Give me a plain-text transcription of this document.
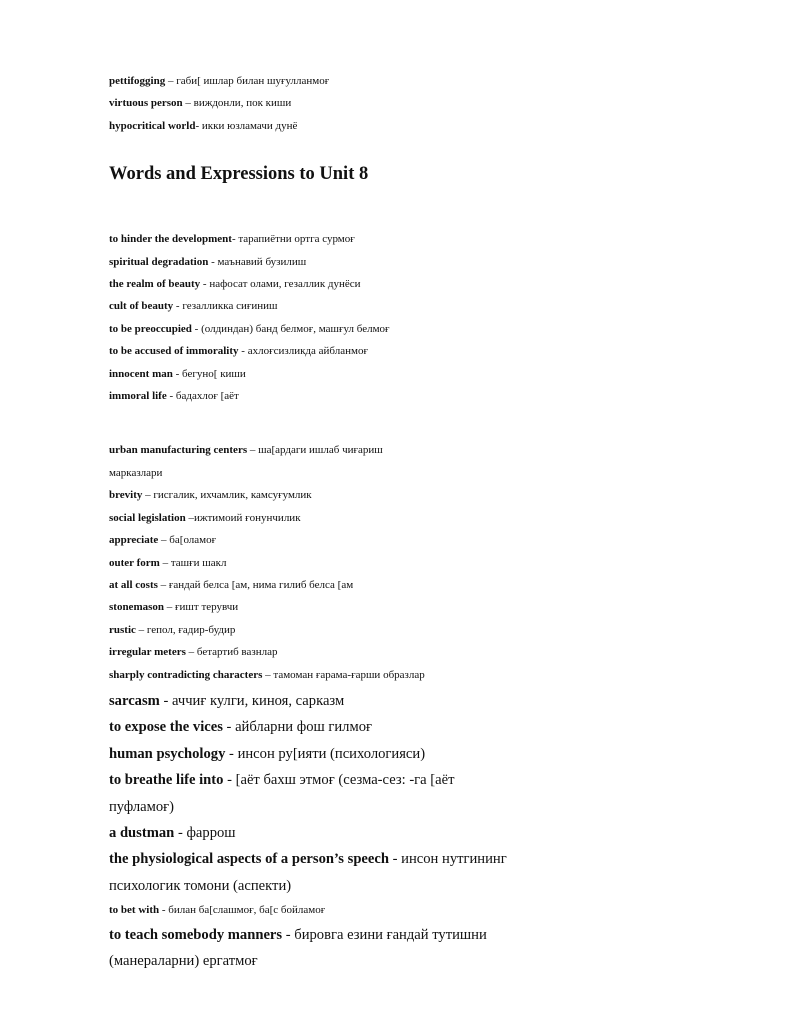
pettifogging – габи[ ишлар билан шуғулланмоғ
virtuous person – виждонли, пок киши
hypocritical world- икки юзламачи дунё
Words and Expressions to Unit 8
to hinder the development- тарапиётни ортга сурмоғ
spiritual degradation - маънавий бузилиш
the realm of beauty - нафосат олами, гезаллик дунёси
cult of beauty - гезалликка сиғиниш
to be preoccupied - (олдиндан) банд белмоғ, машғул белмоғ
to be accused of immorality - ахлоғсизликда айбланмоғ
innocent man - бегуно[ киши
immoral life - бадахлоғ [аёт
urban manufacturing centers – ша[ардаги ишлаб чиғариш
марказлари
brevity – гисгалик, ихчамлик, камсуғумлик
social legislation –ижтимоий ғонунчилик
appreciate – ба[оламоғ
outer form – ташғи шакл
at all costs – ғандай белса [ам, нима гилиб белса [ам
stonemason – ғишт терувчи
rustic – гепол, ғадир-будир
irregular meters – бетартиб вазнлар
sharply contradicting characters – тамоман ғарама-ғарши образлар
sarcasm - аччиғ кулги, киноя, сарказм
to expose the vices - айбларни фош гилмоғ
human psychology - инсон ру[ияти (психологияси)
to breathe life into - [аёт бахш этмоғ (сезма-сез: -га [аёт
пуфламоғ)
a dustman - фаррош
the physiological aspects of a person’s speech - инсон нутгининг
психологик томони (аспекти)
to bet with - билан ба[слашмоғ, ба[с бойламоғ
to teach somebody manners - бировга езини ғандай тутишни
(манераларни) ергатмоғ
